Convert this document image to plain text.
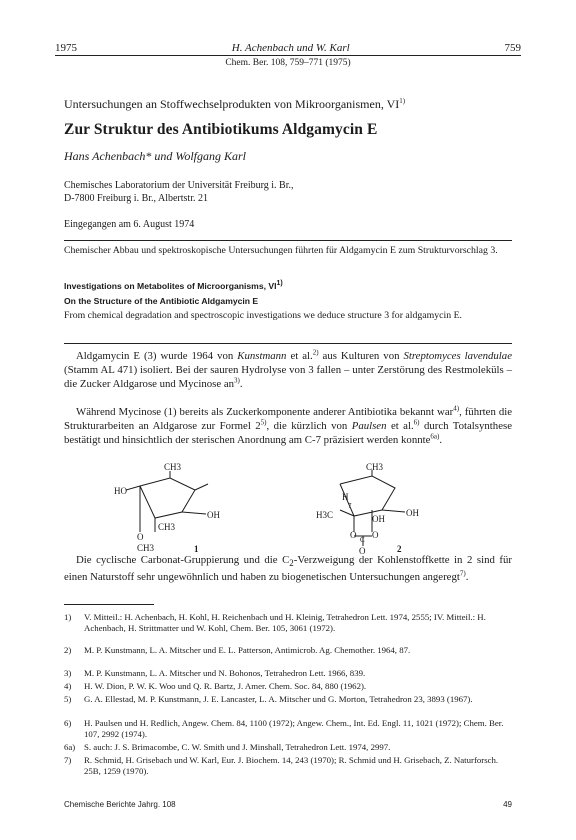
1975	H. Achenbach und W. Karl	759
Chem. Ber. 108, 759–771 (1975)
Untersuchungen an Stoffwechselprodukten von Mikroorganismen, VI$^{1)}$
Zur Struktur des Antibiotikums Aldgamycin E
Hans Achenbach* und Wolfgang Karl
Chemisches Laboratorium der Universität Freiburg i. Br.,
D-7800 Freiburg i. Br., Albertstr. 21
Eingegangen am 6. August 1974
Chemischer Abbau und spektroskopische Untersuchungen führten für Aldgamycin E zum Strukturvorschlag 3.
Investigations on Metabolites of Microorganisms, VI$^{1)}$
On the Structure of the Antibiotic Aldgamycin E
From chemical degradation and spectroscopic investigations we deduce structure 3 for aldgamycin E.

Aldgamycin E (3) wurde 1964 von Kunstmann et al.$^{2)}$ aus Kulturen von Streptomyces lavendulae (Stamm AL 471) isoliert. Bei der sauren Hydrolyse von 3 fallen – unter Zerstörung des Restmoleküls – die Zucker Aldgarose und Mycinose $an^{3)}$.

Während Mycinose (1) bereits als Zuckerkomponente anderer Antibiotika bekannt war$^{4)}$, führten die Strukturarbeiten an Aldgarose zur Formel 2$^{5)}$, die kürzlich von Paulsen et al.$^{6)}$ durch Totalsynthese bestätigt und hinsichtlich der sterischen Anordnung am C-7 präzisiert werden konnte$^{6a)}$.

CH3
HO
OH
CH3
O
CH3	1
CH3
H
7
H3C	OH
OH
O O
C
O	2

Die cyclische Carbonat-Gruppierung und die $C_2$-Verzweigung der Kohlenstoffkette in 2 sind für einen Naturstoff sehr ungewöhnlich und haben zu biogenetischen Untersuchungen angeregt$^{7)}$.

1)	V. Mitteil.: H. Achenbach, H. Kohl, H. Reichenbach und H. Kleinig, Tetrahedron Lett. 1974, 2555; IV. Mitteil.: H. Achenbach, H. Strittmatter und W. Kohl, Chem. Ber. 105, 3061 (1972).
2)	M. P. Kunstmann, L. A. Mitscher und E. L. Patterson, Antimicrob. Ag. Chemother. 1964, 87.
3)	M. P. Kunstmann, L. A. Mitscher und N. Bohonos, Tetrahedron Lett. 1966, 839.
4)	H. W. Dion, P. W. K. Woo und Q. R. Bartz, J. Amer. Chem. Soc. 84, 880 (1962).
5)	G. A. Ellestad, M. P. Kunstmann, J. E. Lancaster, L. A. Mitscher und G. Morton, Tetrahedron 23, 3893 (1967).
6)	H. Paulsen und H. Redlich, Angew. Chem. 84, 1100 (1972); Angew. Chem., Int. Ed. Engl. 11, 1021 (1972); Chem. Ber. 107, 2992 (1974).
6a) S. auch: J. S. Brimacombe, C. W. Smith und J. Minshall, Tetrahedron Lett. 1974, 2997.
7)	R. Schmid, H. Grisebach und W. Karl, Eur. J. Biochem. 14, 243 (1970); R. Schmid und H. Grisebach, Z. Naturforsch. 25B, 1259 (1970).
Chemische Berichte Jahrg. 108	49
